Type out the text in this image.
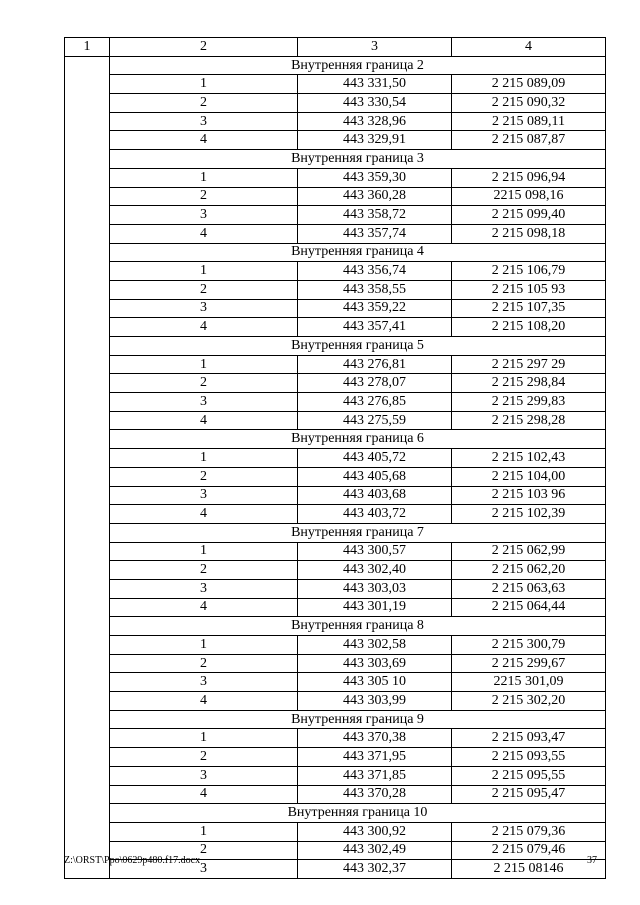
1	2	3	4
	Внутренняя граница 2		
	1	443 331,50	2 215 089,09
	2	443 330,54	2 215 090,32
	3	443 328,96	2 215 089,11
	4	443 329,91	2 215 087,87
	Внутренняя граница 3		
	1	443 359,30	2 215 096,94
	2	443 360,28	2215 098,16
	3	443 358,72	2 215 099,40
	4	443 357,74	2 215 098,18
	Внутренняя граница 4		
	1	443 356,74	2 215 106,79
	2	443 358,55	2 215 105 93
	3	443 359,22	2 215 107,35
	4	443 357,41	2 215 108,20
	Внутренняя граница 5		
	1	443 276,81	2 215 297 29
	2	443 278,07	2 215 298,84
	3	443 276,85	2 215 299,83
	4	443 275,59	2 215 298,28
	Внутренняя граница 6		
	1	443 405,72	2 215 102,43
	2	443 405,68	2 215 104,00
	3	443 403,68	2 215 103 96
	4	443 403,72	2 215 102,39
	Внутренняя граница 7		
	1	443 300,57	2 215 062,99
	2	443 302,40	2 215 062,20
	3	443 303,03	2 215 063,63
	4	443 301,19	2 215 064,44
	Внутренняя граница 8		
	1	443 302,58	2 215 300,79
	2	443 303,69	2 215 299,67
	3	443 305 10	2215 301,09
	4	443 303,99	2 215 302,20
	Внутренняя граница 9		
	1	443 370,38	2 215 093,47
	2	443 371,95	2 215 093,55
	3	443 371,85	2 215 095,55
	4	443 370,28	2 215 095,47
	Внутренняя граница 10		
	1	443 300,92	2 215 079,36
	2	443 302,49	2 215 079,46
	3	443 302,37	2 215 08146
Z:\ORST\Ppo\0629p480.f17.docx	37
